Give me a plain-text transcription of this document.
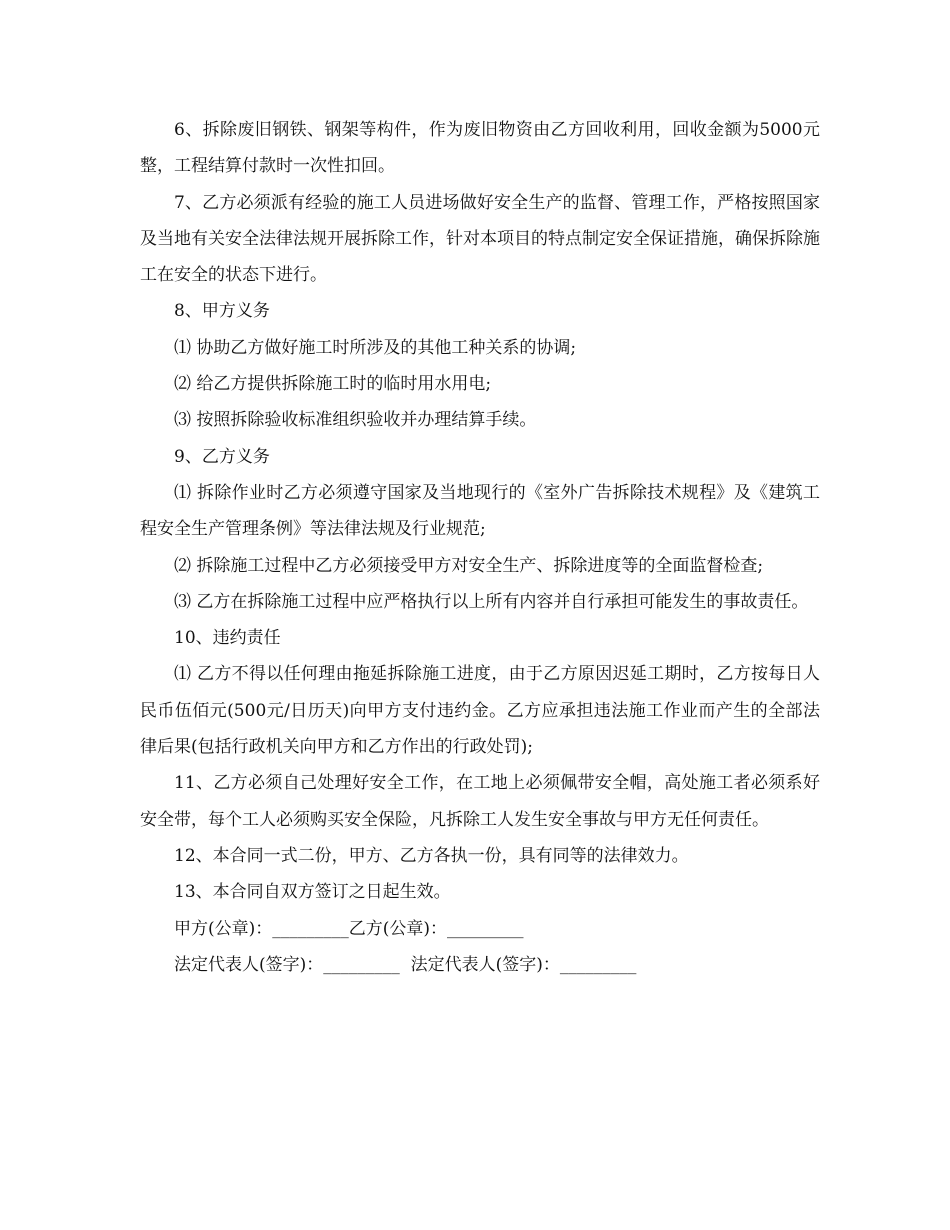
6、拆除废旧钢铁、钢架等构件，作为废旧物资由乙方回收利用，回收金额为5000元整，工程结算付款时一次性扣回。

7、乙方必须派有经验的施工人员进场做好安全生产的监督、管理工作，严格按照国家及当地有关安全法律法规开展拆除工作，针对本项目的特点制定安全保证措施，确保拆除施工在安全的状态下进行。

8、甲方义务

⑴ 协助乙方做好施工时所涉及的其他工种关系的协调;

⑵ 给乙方提供拆除施工时的临时用水用电;

⑶ 按照拆除验收标准组织验收并办理结算手续。

9、乙方义务

⑴ 拆除作业时乙方必须遵守国家及当地现行的《室外广告拆除技术规程》及《建筑工程安全生产管理条例》等法律法规及行业规范;

⑵ 拆除施工过程中乙方必须接受甲方对安全生产、拆除进度等的全面监督检查;

⑶ 乙方在拆除施工过程中应严格执行以上所有内容并自行承担可能发生的事故责任。

10、违约责任

⑴ 乙方不得以任何理由拖延拆除施工进度，由于乙方原因迟延工期时，乙方按每日人民币伍佰元(500元/日历天)向甲方支付违约金。乙方应承担违法施工作业而产生的全部法律后果(包括行政机关向甲方和乙方作出的行政处罚);

11、乙方必须自己处理好安全工作，在工地上必须佩带安全帽，高处施工者必须系好安全带，每个工人必须购买安全保险，凡拆除工人发生安全事故与甲方无任何责任。

12、本合同一式二份，甲方、乙方各执一份，具有同等的法律效力。

13、本合同自双方签订之日起生效。

甲方(公章)：_________乙方(公章)：_________

法定代表人(签字)：_________  法定代表人(签字)：_________
